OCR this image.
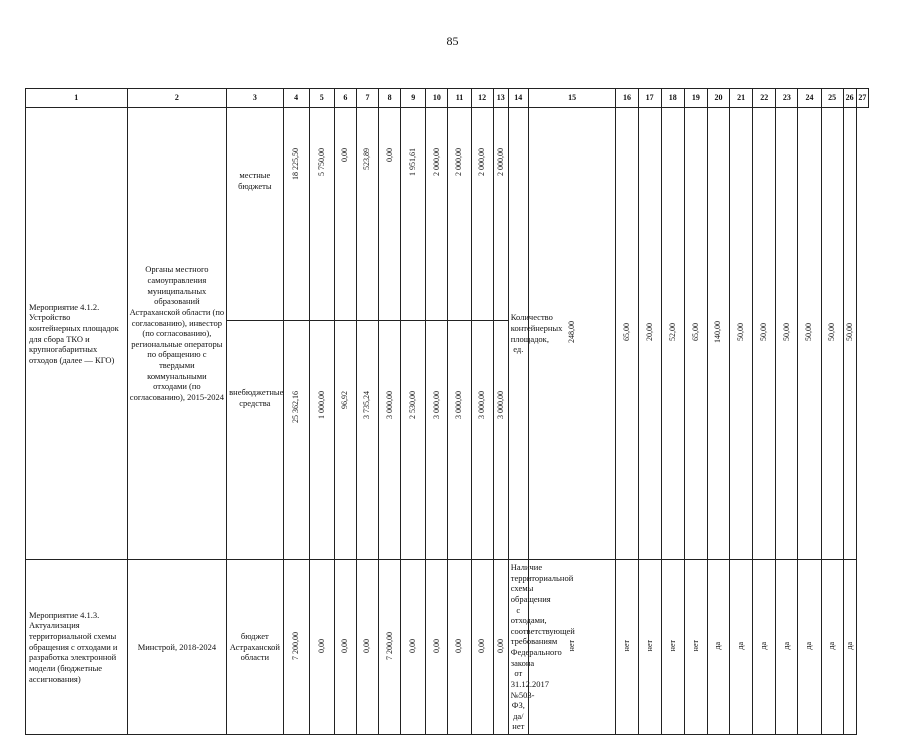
85
1	2	3	4	5	6	7	8	9	10	11	12	13	14	15	16	17	18	19	20	21	22	23	24	25	26	27
Мероприятие 4.1.2. Устройство контейнерных площадок для сбора ТКО и крупногабаритных отходов (далее — КГО)	Органы местного самоуправления муниципальных образований Астраханской области (по согласованию), инвестор (по согласованию), региональные операторы по обращению с твердыми коммунальными отходами (по согласованию), 2015-2024	местные бюджеты	18 225,50	5 750,00	0,00	523,89	0,00	1 951,61	2 000,00	2 000,00	2 000,00	2 000,00	Количество контейнерных площадок, ед.	248,00	65,00	20,00	52,00	65,00	140,00	50,00	50,00	50,00	50,00	50,00	50,00	
		внебюджетные средства	25 362,16	1 000,00	96,92	3 735,24	3 000,00	2 530,00	3 000,00	3 000,00	3 000,00	3 000,00														
Мероприятие 4.1.3. Актуализация территориальной схемы обращения с отходами и разработка электронной модели (бюджетные ассигнования)	Минстрой, 2018-2024	бюджет Астраханской области	7 200,00	0,00	0,00	0,00	7 200,00	0,00	0,00	0,00	0,00	0,00	Наличие территориальной схемы обращения с отходами, соответствующей требованиям Федерального закона от 31.12.2017 №503-ФЗ, да/нет	нет	нет	нет	нет	нет	да	да	да	да	да	да	да	
